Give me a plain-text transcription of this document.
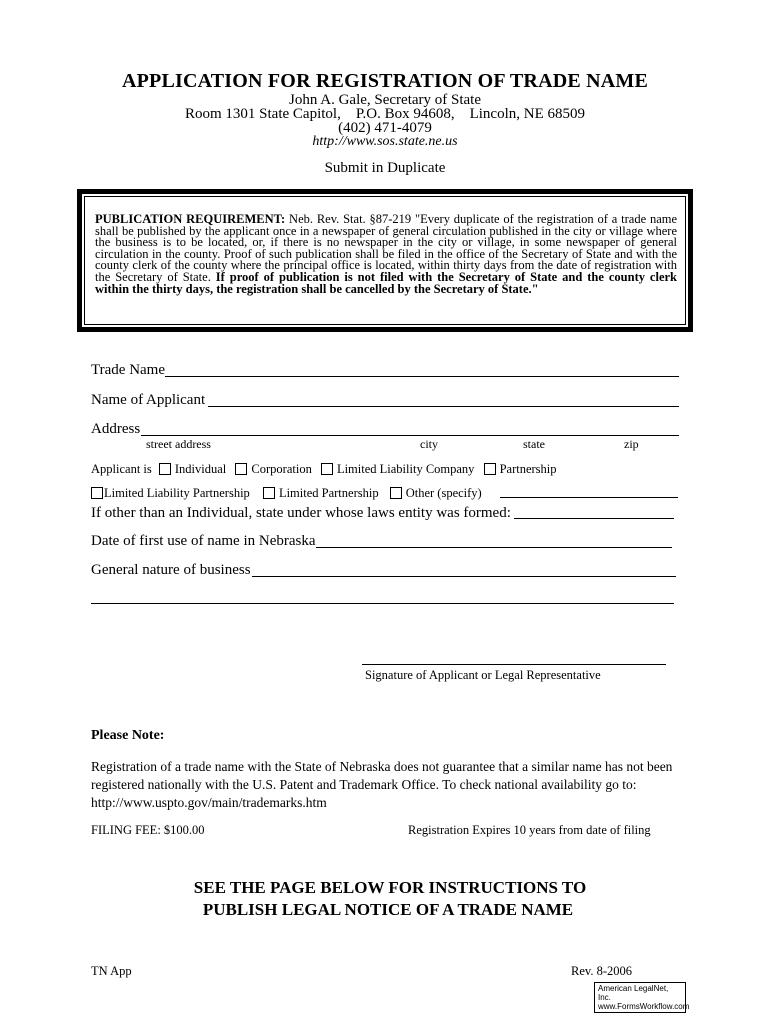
APPLICATION FOR REGISTRATION OF TRADE NAME
John A. Gale, Secretary of State
Room 1301 State Capitol,    P.O. Box 94608,    Lincoln, NE 68509
(402) 471-4079
http://www.sos.state.ne.us
Submit in Duplicate
PUBLICATION REQUIREMENT: Neb. Rev. Stat. §87-219 "Every duplicate of the registration of a trade name shall be published by the applicant once in a newspaper of general circulation published in the city or village where the business is to be located, or, if there is no newspaper in the city or village, in some newspaper of general circulation in the county. Proof of such publication shall be filed in the office of the Secretary of State and with the county clerk of the county where the principal office is located, within thirty days from the date of registration with the Secretary of State. If proof of publication is not filed with the Secretary of State and the county clerk within the thirty days, the registration shall be cancelled by the Secretary of State."
Trade Name
Name of Applicant
Address
street address	city	state	zip
Applicant is Individual Corporation Limited Liability Company Partnership
Limited Liability Partnership Limited Partnership Other (specify)
If other than an Individual, state under whose laws entity was formed:
Date of first use of name in Nebraska
General nature of business
Signature of Applicant or Legal Representative
Please Note:
Registration of a trade name with the State of Nebraska does not guarantee that a similar name has not been registered nationally with the U.S. Patent and Trademark Office. To check national availability go to: http://www.uspto.gov/main/trademarks.htm
FILING FEE: $100.00	Registration Expires 10 years from date of filing
SEE THE PAGE BELOW FOR INSTRUCTIONS TO
PUBLISH LEGAL NOTICE OF A TRADE NAME
TN App	Rev. 8-2006
American LegalNet, Inc.
www.FormsWorkflow.com
